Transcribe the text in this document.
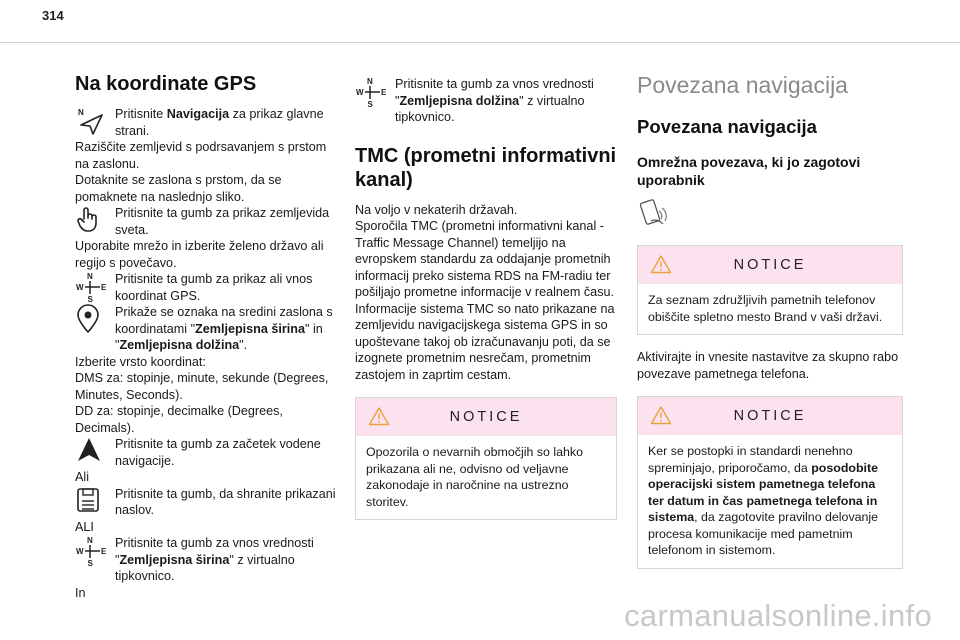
314
Na koordinate GPS
N Pritisnite Navigacija za prikaz glavne strani.

Raziščite zemljevid s podrsavanjem s prstom na zaslonu.

Dotaknite se zaslona s prstom, da se pomaknete na naslednjo sliko.

Pritisnite ta gumb za prikaz zemljevida sveta.

Uporabite mrežo in izberite želeno državo ali regijo s povečavo.

N
W E
S

Pritisnite ta gumb za prikaz ali vnos koordinat GPS.

Prikaže se oznaka na sredini zaslona s koordinatami "Zemljepisna širina" in "Zemljepisna dolžina".

Izberite vrsto koordinat:

DMS za: stopinje, minute, sekunde (Degrees, Minutes, Seconds).

DD za: stopinje, decimalke (Degrees, Decimals).

Pritisnite ta gumb za začetek vodene navigacije.

Ali

Pritisnite ta gumb, da shranite prikazani naslov.

ALI

N
W E
S

Pritisnite ta gumb za vnos vrednosti "Zemljepisna širina" z virtualno tipkovnico.

In

N
W E
S

Pritisnite ta gumb za vnos vrednosti "Zemljepisna dolžina" z virtualno tipkovnico.

TMC (prometni informativni kanal)

Na voljo v nekaterih državah.

Sporočila TMC (prometni informativni kanal - Traffic Message Channel) temeljijo na evropskem standardu za oddajanje prometnih informacij preko sistema RDS na FM-radiu ter pošiljajo prometne informacije v realnem času.

Informacije sistema TMC so nato prikazane na zemljevidu navigacijskega sistema GPS in so upoštevane takoj ob izračunavanju poti, da se izognete prometnim nesrečam, prometnim zastojem in zaprtim cestam.

NOTICE
Opozorila o nevarnih območjih so lahko prikazana ali ne, odvisno od veljavne zakonodaje in naročnine na ustrezno storitev.
Povezana navigacija
Povezana navigacija
Omrežna povezava, ki jo zagotovi uporabnik
NOTICE
Za seznam združljivih pametnih telefonov obiščite spletno mesto Brand v vaši državi.

Aktivirajte in vnesite nastavitve za skupno rabo povezave pametnega telefona.

NOTICE
Ker se postopki in standardi nenehno spreminjajo, priporočamo, da posodobite operacijski sistem pametnega telefona ter datum in čas pametnega telefona in sistema, da zagotovite pravilno delovanje procesa komunikacije med pametnim telefonom in sistemom.
carmanualsonline.info
